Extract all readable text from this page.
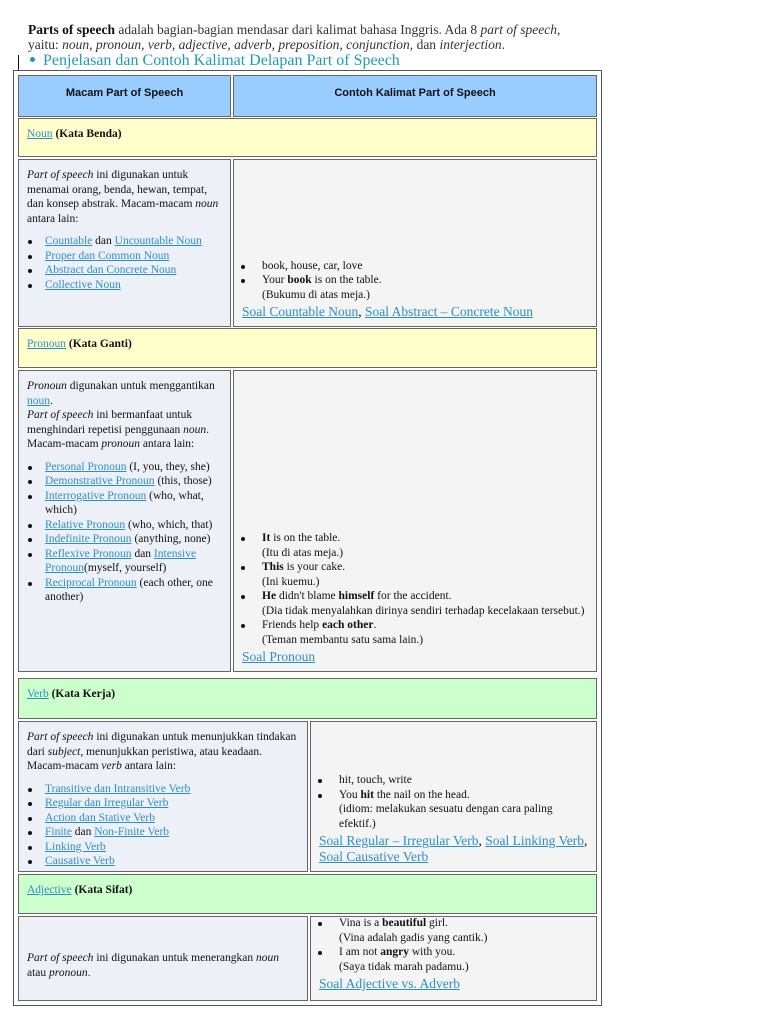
Parts of speech adalah bagian-bagian mendasar dari kalimat bahasa Inggris. Ada 8 part of speech,
yaitu: noun, pronoun, verb, adjective, adverb, preposition, conjunction, dan interjection.
Penjelasan dan Contoh Kalimat Delapan Part of Speech
Macam Part of Speech	Contoh Kalimat Part of Speech
Noun (Kata Benda)
Part of speech ini digunakan untuk menamai orang, benda, hewan, tempat, dan konsep abstrak. Macam-macam noun antara lain:
Countable dan Uncountable Noun
Proper dan Common Noun
Abstract dan Concrete Noun
Collective Noun
book, house, car, love
Your book is on the table.
(Bukumu di atas meja.)
Soal Countable Noun, Soal Abstract – Concrete Noun
Pronoun (Kata Ganti)
Pronoun digunakan untuk menggantikan noun.
Part of speech ini bermanfaat untuk menghindari repetisi penggunaan noun. Macam-macam pronoun antara lain:
Personal Pronoun (I, you, they, she)
Demonstrative Pronoun (this, those)
Interrogative Pronoun (who, what, which)
Relative Pronoun (who, which, that)
Indefinite Pronoun (anything, none)
Reflexive Pronoun dan Intensive Pronoun(myself, yourself)
Reciprocal Pronoun (each other, one another)
It is on the table.
(Itu di atas meja.)
This is your cake.
(Ini kuemu.)
He didn't blame himself for the accident.
(Dia tidak menyalahkan dirinya sendiri terhadap kecelakaan tersebut.)
Friends help each other.
(Teman membantu satu sama lain.)
Soal Pronoun
Verb (Kata Kerja)
Part of speech ini digunakan untuk menunjukkan tindakan dari subject, menunjukkan peristiwa, atau keadaan. Macam-macam verb antara lain:
Transitive dan Intransitive Verb
Regular dan Irregular Verb
Action dan Stative Verb
Finite dan Non-Finite Verb
Linking Verb
Causative Verb
hit, touch, write
You hit the nail on the head.
(idiom: melakukan sesuatu dengan cara paling efektif.)
Soal Regular – Irregular Verb, Soal Linking Verb, Soal Causative Verb
Adjective (Kata Sifat)
Part of speech ini digunakan untuk menerangkan noun atau pronoun.
Vina is a beautiful girl.
(Vina adalah gadis yang cantik.)
I am not angry with you.
(Saya tidak marah padamu.)
Soal Adjective vs. Adverb
